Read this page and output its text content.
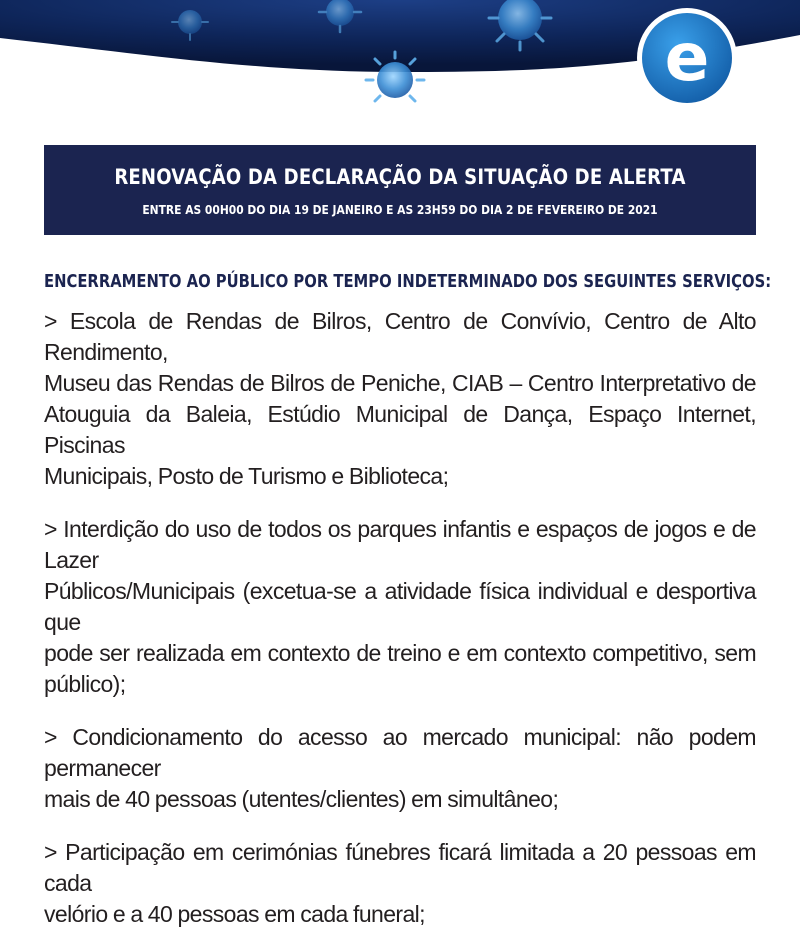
e
RENOVAÇÃO DA DECLARAÇÃO DA SITUAÇÃO DE ALERTA
ENTRE AS 00H00 DO DIA 19 DE JANEIRO E AS 23H59 DO DIA 2 DE FEVEREIRO DE 2021
ENCERRAMENTO AO PÚBLICO POR TEMPO INDETERMINADO DOS SEGUINTES SERVIÇOS:
> Escola de Rendas de Bilros, Centro de Convívio, Centro de Alto Rendimento,
Museu das Rendas de Bilros de Peniche, CIAB – Centro Interpretativo de
Atouguia da Baleia, Estúdio Municipal de Dança, Espaço Internet, Piscinas
Municipais, Posto de Turismo e Biblioteca;
> Interdição do uso de todos os parques infantis e espaços de jogos e de Lazer
Públicos/Municipais (excetua-se a atividade física individual e desportiva que
pode ser realizada em contexto de treino e em contexto competitivo, sem
público);
> Condicionamento do acesso ao mercado municipal: não podem permanecer
mais de 40 pessoas (utentes/clientes) em simultâneo;
> Participação em cerimónias fúnebres ficará limitada a 20 pessoas em cada
velório e a 40 pessoas em cada funeral;
